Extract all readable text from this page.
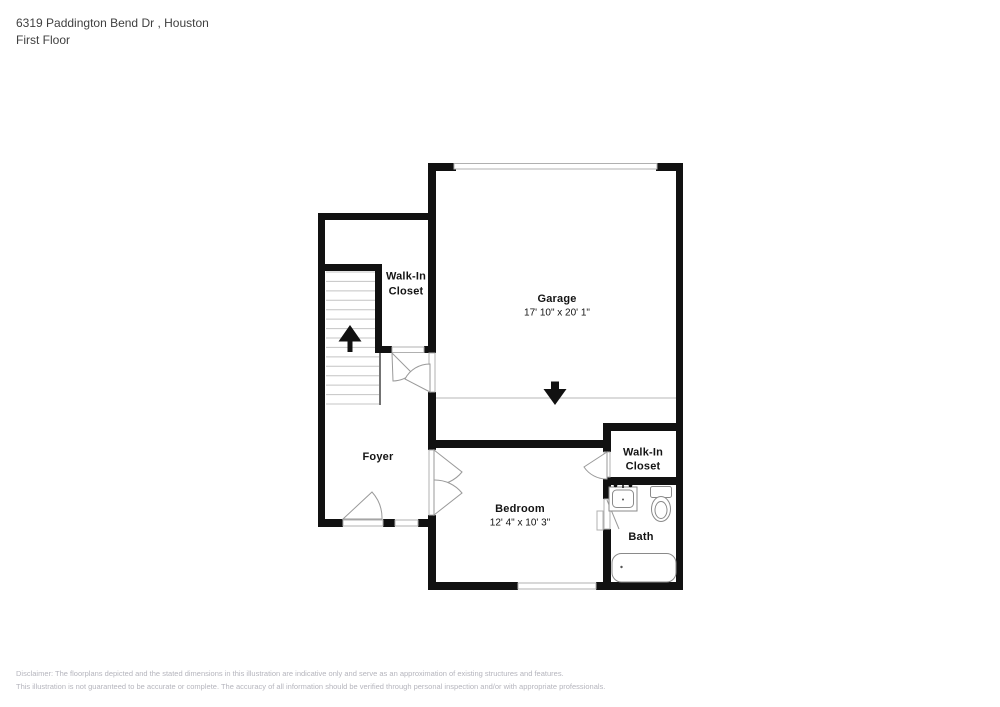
6319 Paddington Bend Dr , Houston
First Floor
Garage
17' 10" x 20' 1"
Walk-In
Closet
Foyer
Bedroom
12' 4" x 10' 3"
Walk-In
Closet
Bath
Disclaimer: The floorplans depicted and the stated dimensions in this illustration are indicative only and serve as an approximation of existing structures and features.
This illustration is not guaranteed to be accurate or complete. The accuracy of all information should be verified through personal inspection and/or with appropriate professionals.
